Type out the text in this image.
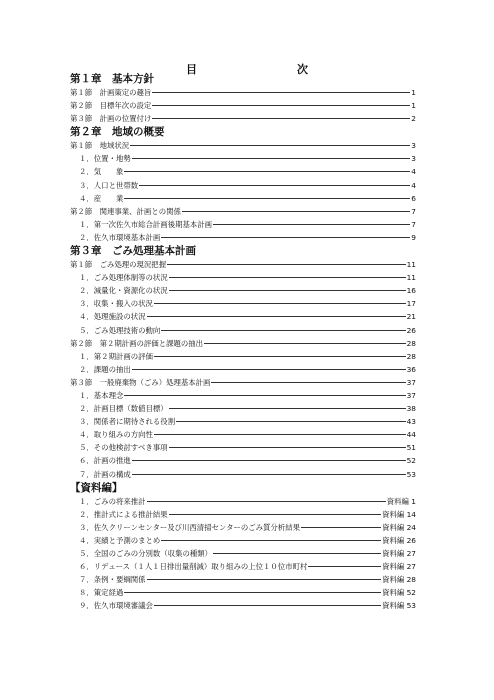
目　　次
第１章　基本方針
第１節　計画策定の趣旨	1
第２節　目標年次の設定	1
第３節　計画の位置付け	2
第２章　地域の概要
第１節　地域状況	3
１．位置・地勢	3
２．気　　象	4
３．人口と世帯数	4
４．産　　業	6
第２節　関連事業、計画との関係	7
１．第一次佐久市総合計画後期基本計画	7
２．佐久市環境基本計画	9
第３章　ごみ処理基本計画
第１節　ごみ処理の現況把握	11
１．ごみ処理体制等の状況	11
２．減量化・資源化の状況	16
３．収集・搬入の状況	17
４．処理施設の状況	21
５．ごみ処理技術の動向	26
第２節　第２期計画の評価と課題の抽出	28
１．第２期計画の評価	28
２．課題の抽出	36
第３節　一般廃棄物（ごみ）処理基本計画	37
１．基本理念	37
２．計画目標（数値目標）	38
３．関係者に期待される役割	43
４．取り組みの方向性	44
５．その他検討すべき事項	51
６．計画の推進	52
７．計画の構成	53
【資料編】
１．ごみの将来推計	資料編 1
２．推計式による推計結果	資料編 14
３．佐久クリーンセンター及び川西清掃センターのごみ質分析結果	資料編 24
４．実績と予測のまとめ	資料編 26
５．全国のごみの分別数（収集の種類）	資料編 27
６．リデュース（１人１日排出量削減）取り組みの上位１０位市町村	資料編 27
７．条例・要綱関係	資料編 28
８．策定経過	資料編 52
９．佐久市環境審議会	資料編 53
